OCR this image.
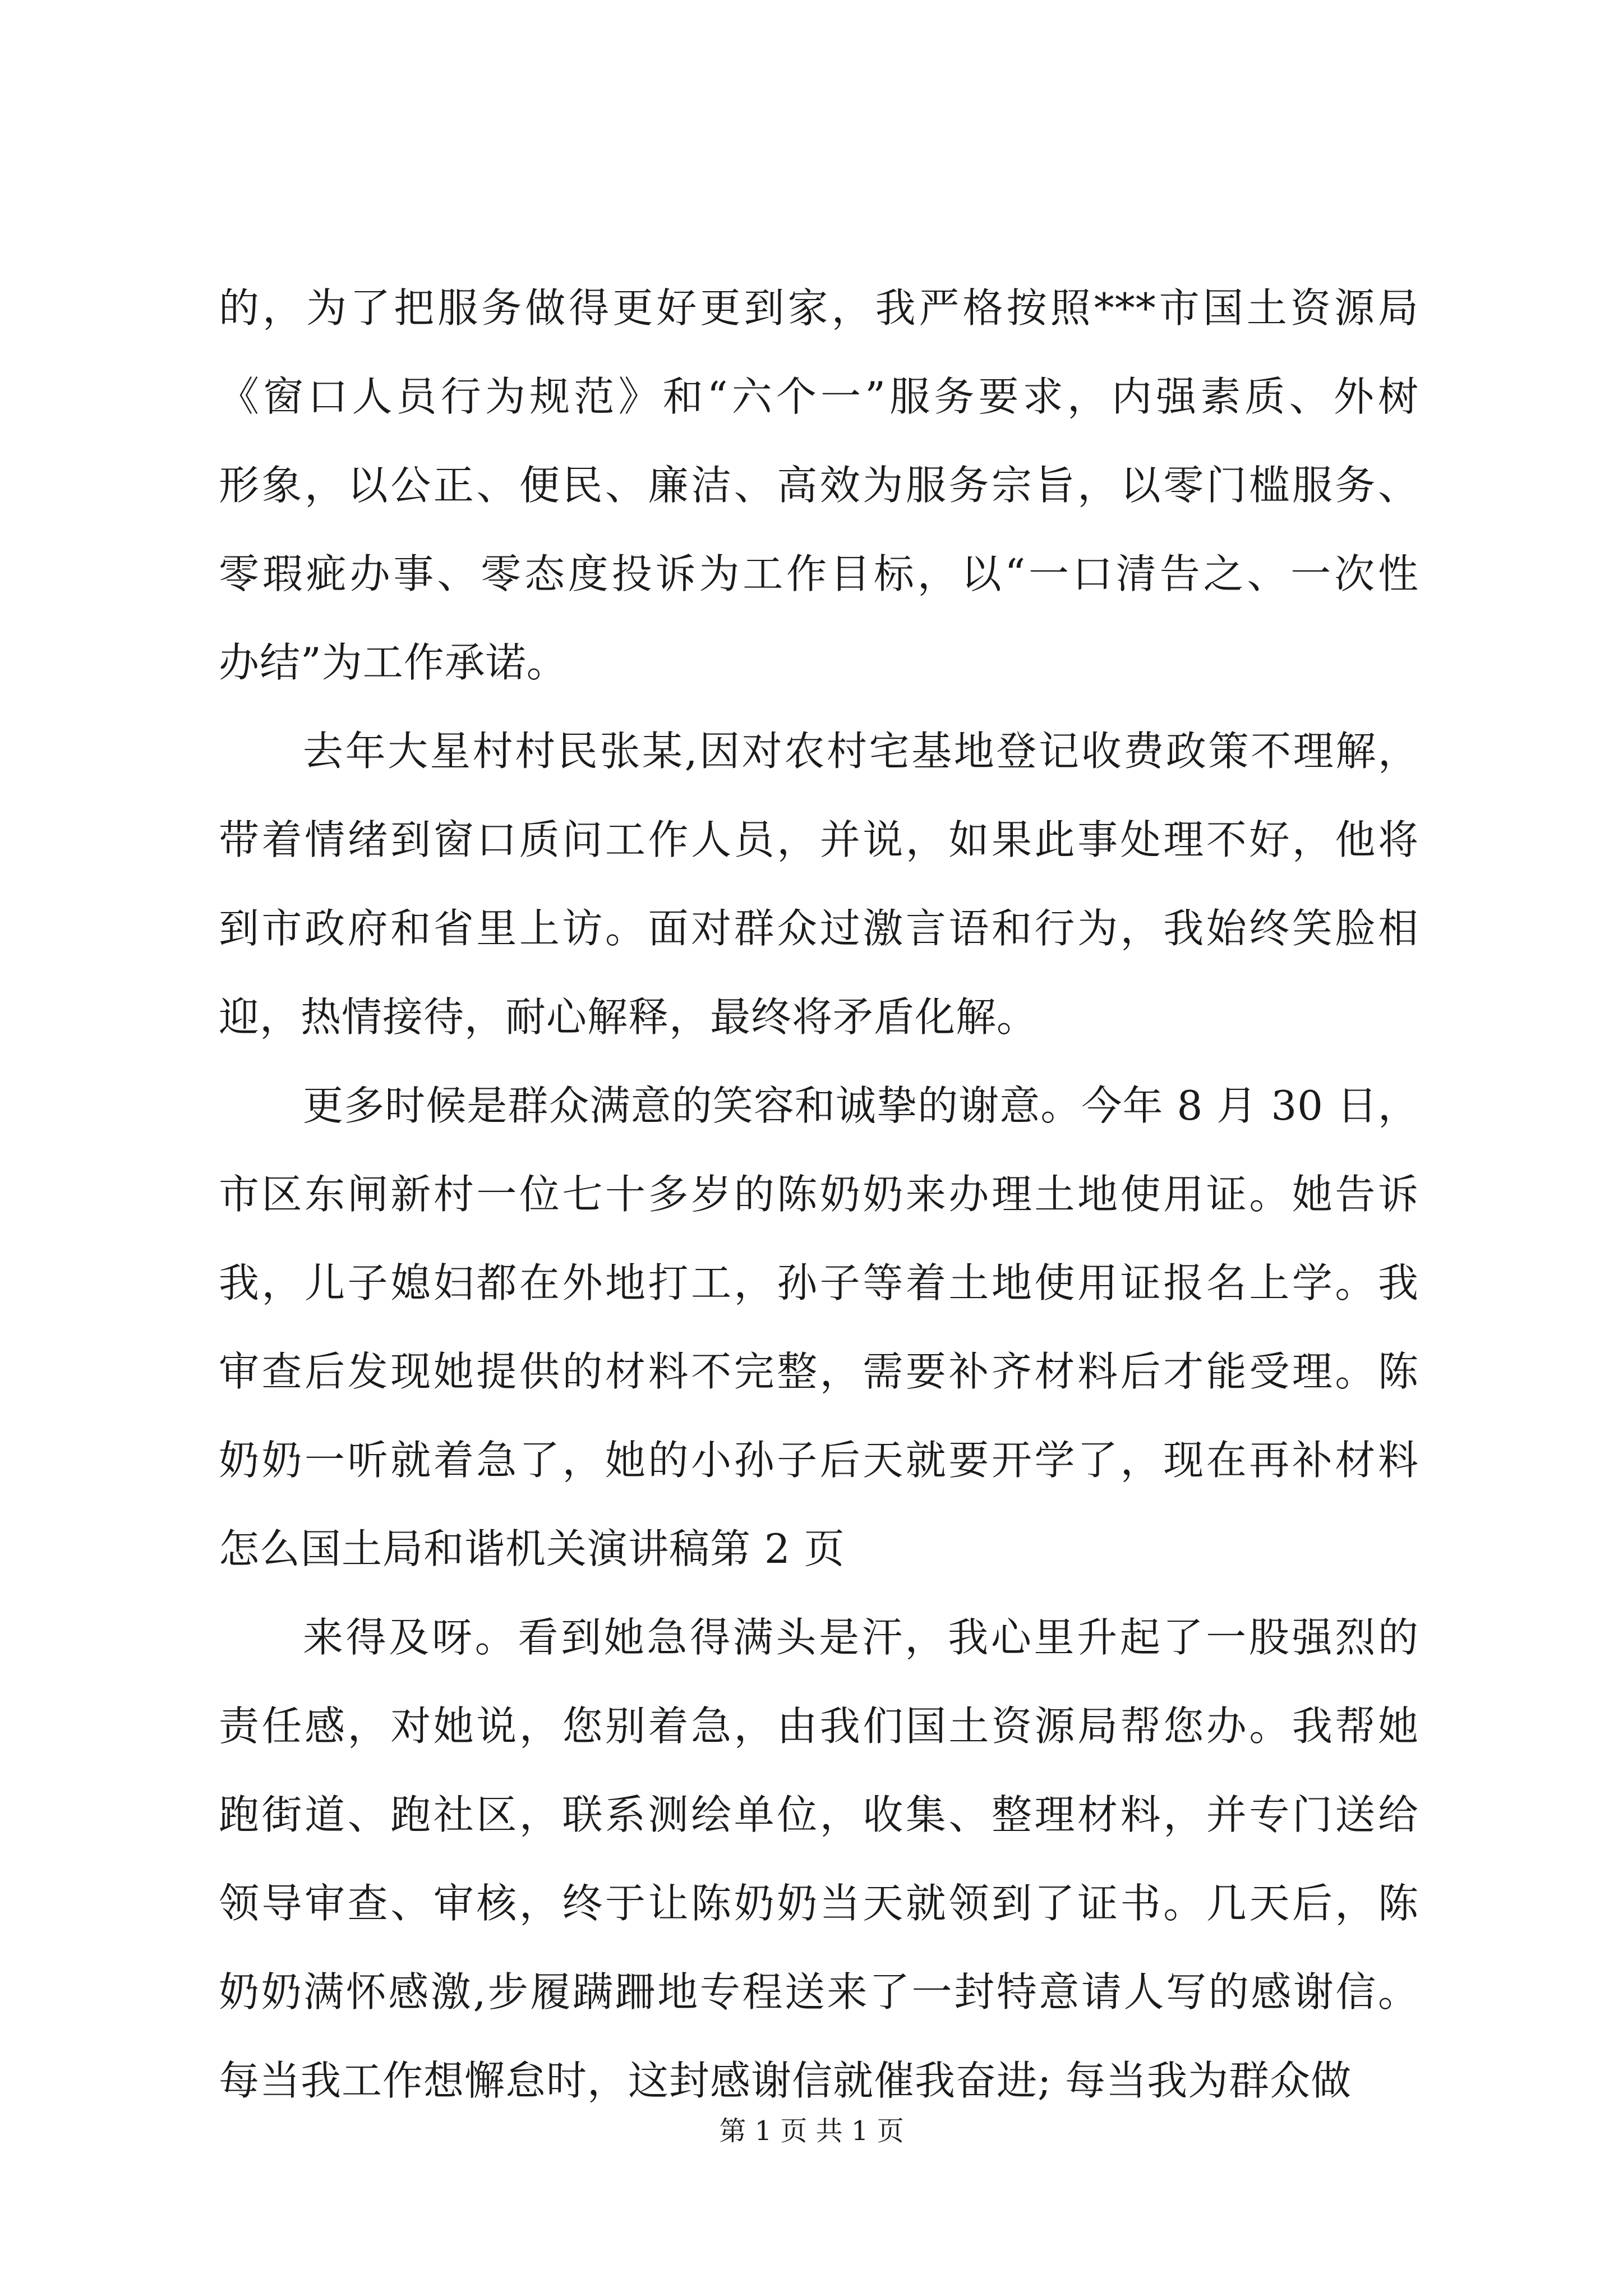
的，为了把服务做得更好更到家，我严格按照***市国土资源局
《窗口人员行为规范》和“六个一”服务要求，内强素质、外树
形象，以公正、便民、廉洁、高效为服务宗旨，以零门槛服务、
零瑕疵办事、零态度投诉为工作目标，以“一口清告之、一次性
办结”为工作承诺。
去年大星村村民张某,因对农村宅基地登记收费政策不理解，
带着情绪到窗口质问工作人员，并说，如果此事处理不好，他将
到市政府和省里上访。面对群众过激言语和行为，我始终笑脸相
迎，热情接待，耐心解释，最终将矛盾化解。
更多时候是群众满意的笑容和诚挚的谢意。今年 8 月 30 日，
市区东闸新村一位七十多岁的陈奶奶来办理土地使用证。她告诉
我，儿子媳妇都在外地打工，孙子等着土地使用证报名上学。我
审查后发现她提供的材料不完整，需要补齐材料后才能受理。陈
奶奶一听就着急了，她的小孙子后天就要开学了，现在再补材料
怎么国土局和谐机关演讲稿第 2 页
来得及呀。看到她急得满头是汗，我心里升起了一股强烈的
责任感，对她说，您别着急，由我们国土资源局帮您办。我帮她
跑街道、跑社区，联系测绘单位，收集、整理材料，并专门送给
领导审查、审核，终于让陈奶奶当天就领到了证书。几天后，陈
奶奶满怀感激,步履蹒跚地专程送来了一封特意请人写的感谢信。
每当我工作想懈怠时，这封感谢信就催我奋进; 每当我为群众做
第 1 页 共 1 页
